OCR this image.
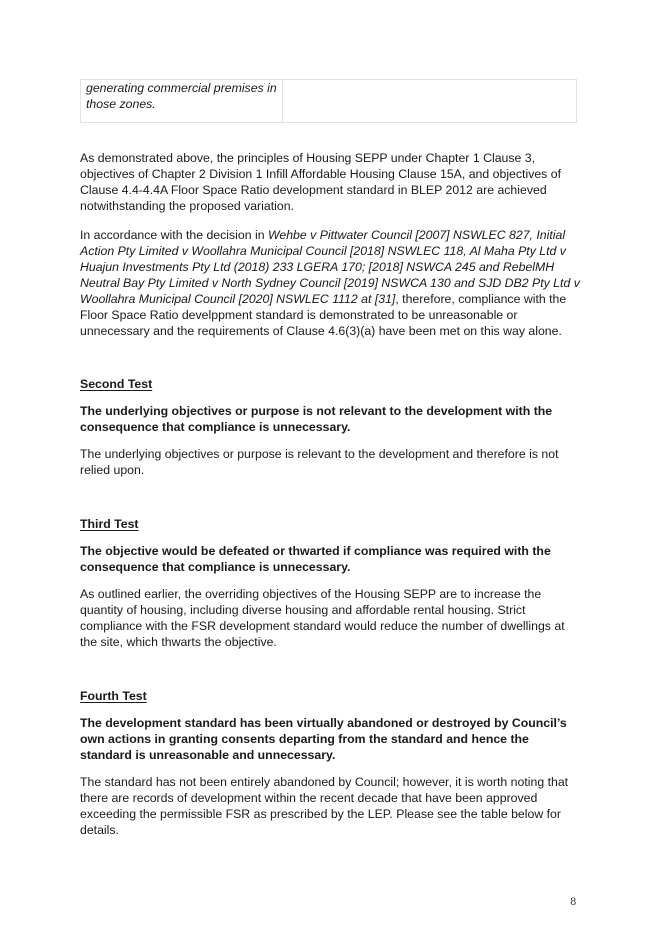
generating commercial premises in those zones.

As demonstrated above, the principles of Housing SEPP under Chapter 1 Clause 3, objectives of Chapter 2 Division 1 Infill Affordable Housing Clause 15A, and objectives of Clause 4.4-4.4A Floor Space Ratio development standard in BLEP 2012 are achieved notwithstanding the proposed variation.

In accordance with the decision in Wehbe v Pittwater Council [2007] NSWLEC 827, Initial Action Pty Limited v Woollahra Municipal Council [2018] NSWLEC 118, Al Maha Pty Ltd v Huajun Investments Pty Ltd (2018) 233 LGERA 170; [2018] NSWCA 245 and RebelMH Neutral Bay Pty Limited v North Sydney Council [2019] NSWCA 130 and SJD DB2 Pty Ltd v Woollahra Municipal Council [2020] NSWLEC 1112 at [31], therefore, compliance with the Floor Space Ratio develppment standard is demonstrated to be unreasonable or unnecessary and the requirements of Clause 4.6(3)(a) have been met on this way alone.

Second Test

The underlying objectives or purpose is not relevant to the development with the consequence that compliance is unnecessary.

The underlying objectives or purpose is relevant to the development and therefore is not relied upon.

Third Test

The objective would be defeated or thwarted if compliance was required with the consequence that compliance is unnecessary.

As outlined earlier, the overriding objectives of the Housing SEPP are to increase the quantity of housing, including diverse housing and affordable rental housing. Strict compliance with the FSR development standard would reduce the number of dwellings at the site, which thwarts the objective.

Fourth Test

The development standard has been virtually abandoned or destroyed by Council’s own actions in granting consents departing from the standard and hence the standard is unreasonable and unnecessary.

The standard has not been entirely abandoned by Council; however, it is worth noting that there are records of development within the recent decade that have been approved exceeding the permissible FSR as prescribed by the LEP. Please see the table below for details.

8
